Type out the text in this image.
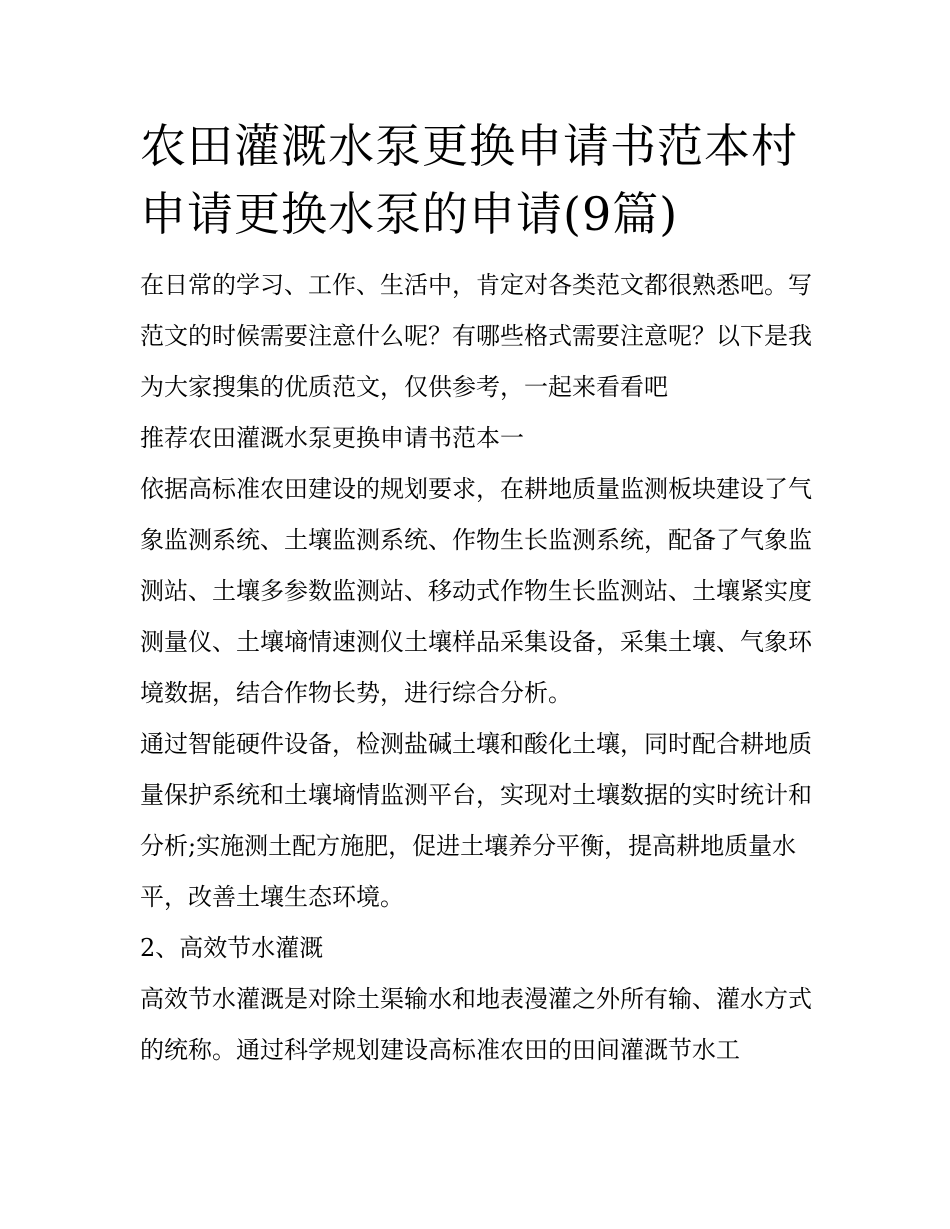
农田灌溉水泵更换申请书范本村申请更换水泵的申请(9篇)

在日常的学习、工作、生活中，肯定对各类范文都很熟悉吧。写范文的时候需要注意什么呢？有哪些格式需要注意呢？以下是我为大家搜集的优质范文，仅供参考，一起来看看吧

推荐农田灌溉水泵更换申请书范本一

依据高标准农田建设的规划要求，在耕地质量监测板块建设了气象监测系统、土壤监测系统、作物生长监测系统，配备了气象监测站、土壤多参数监测站、移动式作物生长监测站、土壤紧实度测量仪、土壤墒情速测仪土壤样品采集设备，采集土壤、气象环境数据，结合作物长势，进行综合分析。

通过智能硬件设备，检测盐碱土壤和酸化土壤，同时配合耕地质量保护系统和土壤墒情监测平台，实现对土壤数据的实时统计和分析;实施测土配方施肥，促进土壤养分平衡，提高耕地质量水平，改善土壤生态环境。

2、高效节水灌溉

高效节水灌溉是对除土渠输水和地表漫灌之外所有输、灌水方式的统称。通过科学规划建设高标准农田的田间灌溉节水工
